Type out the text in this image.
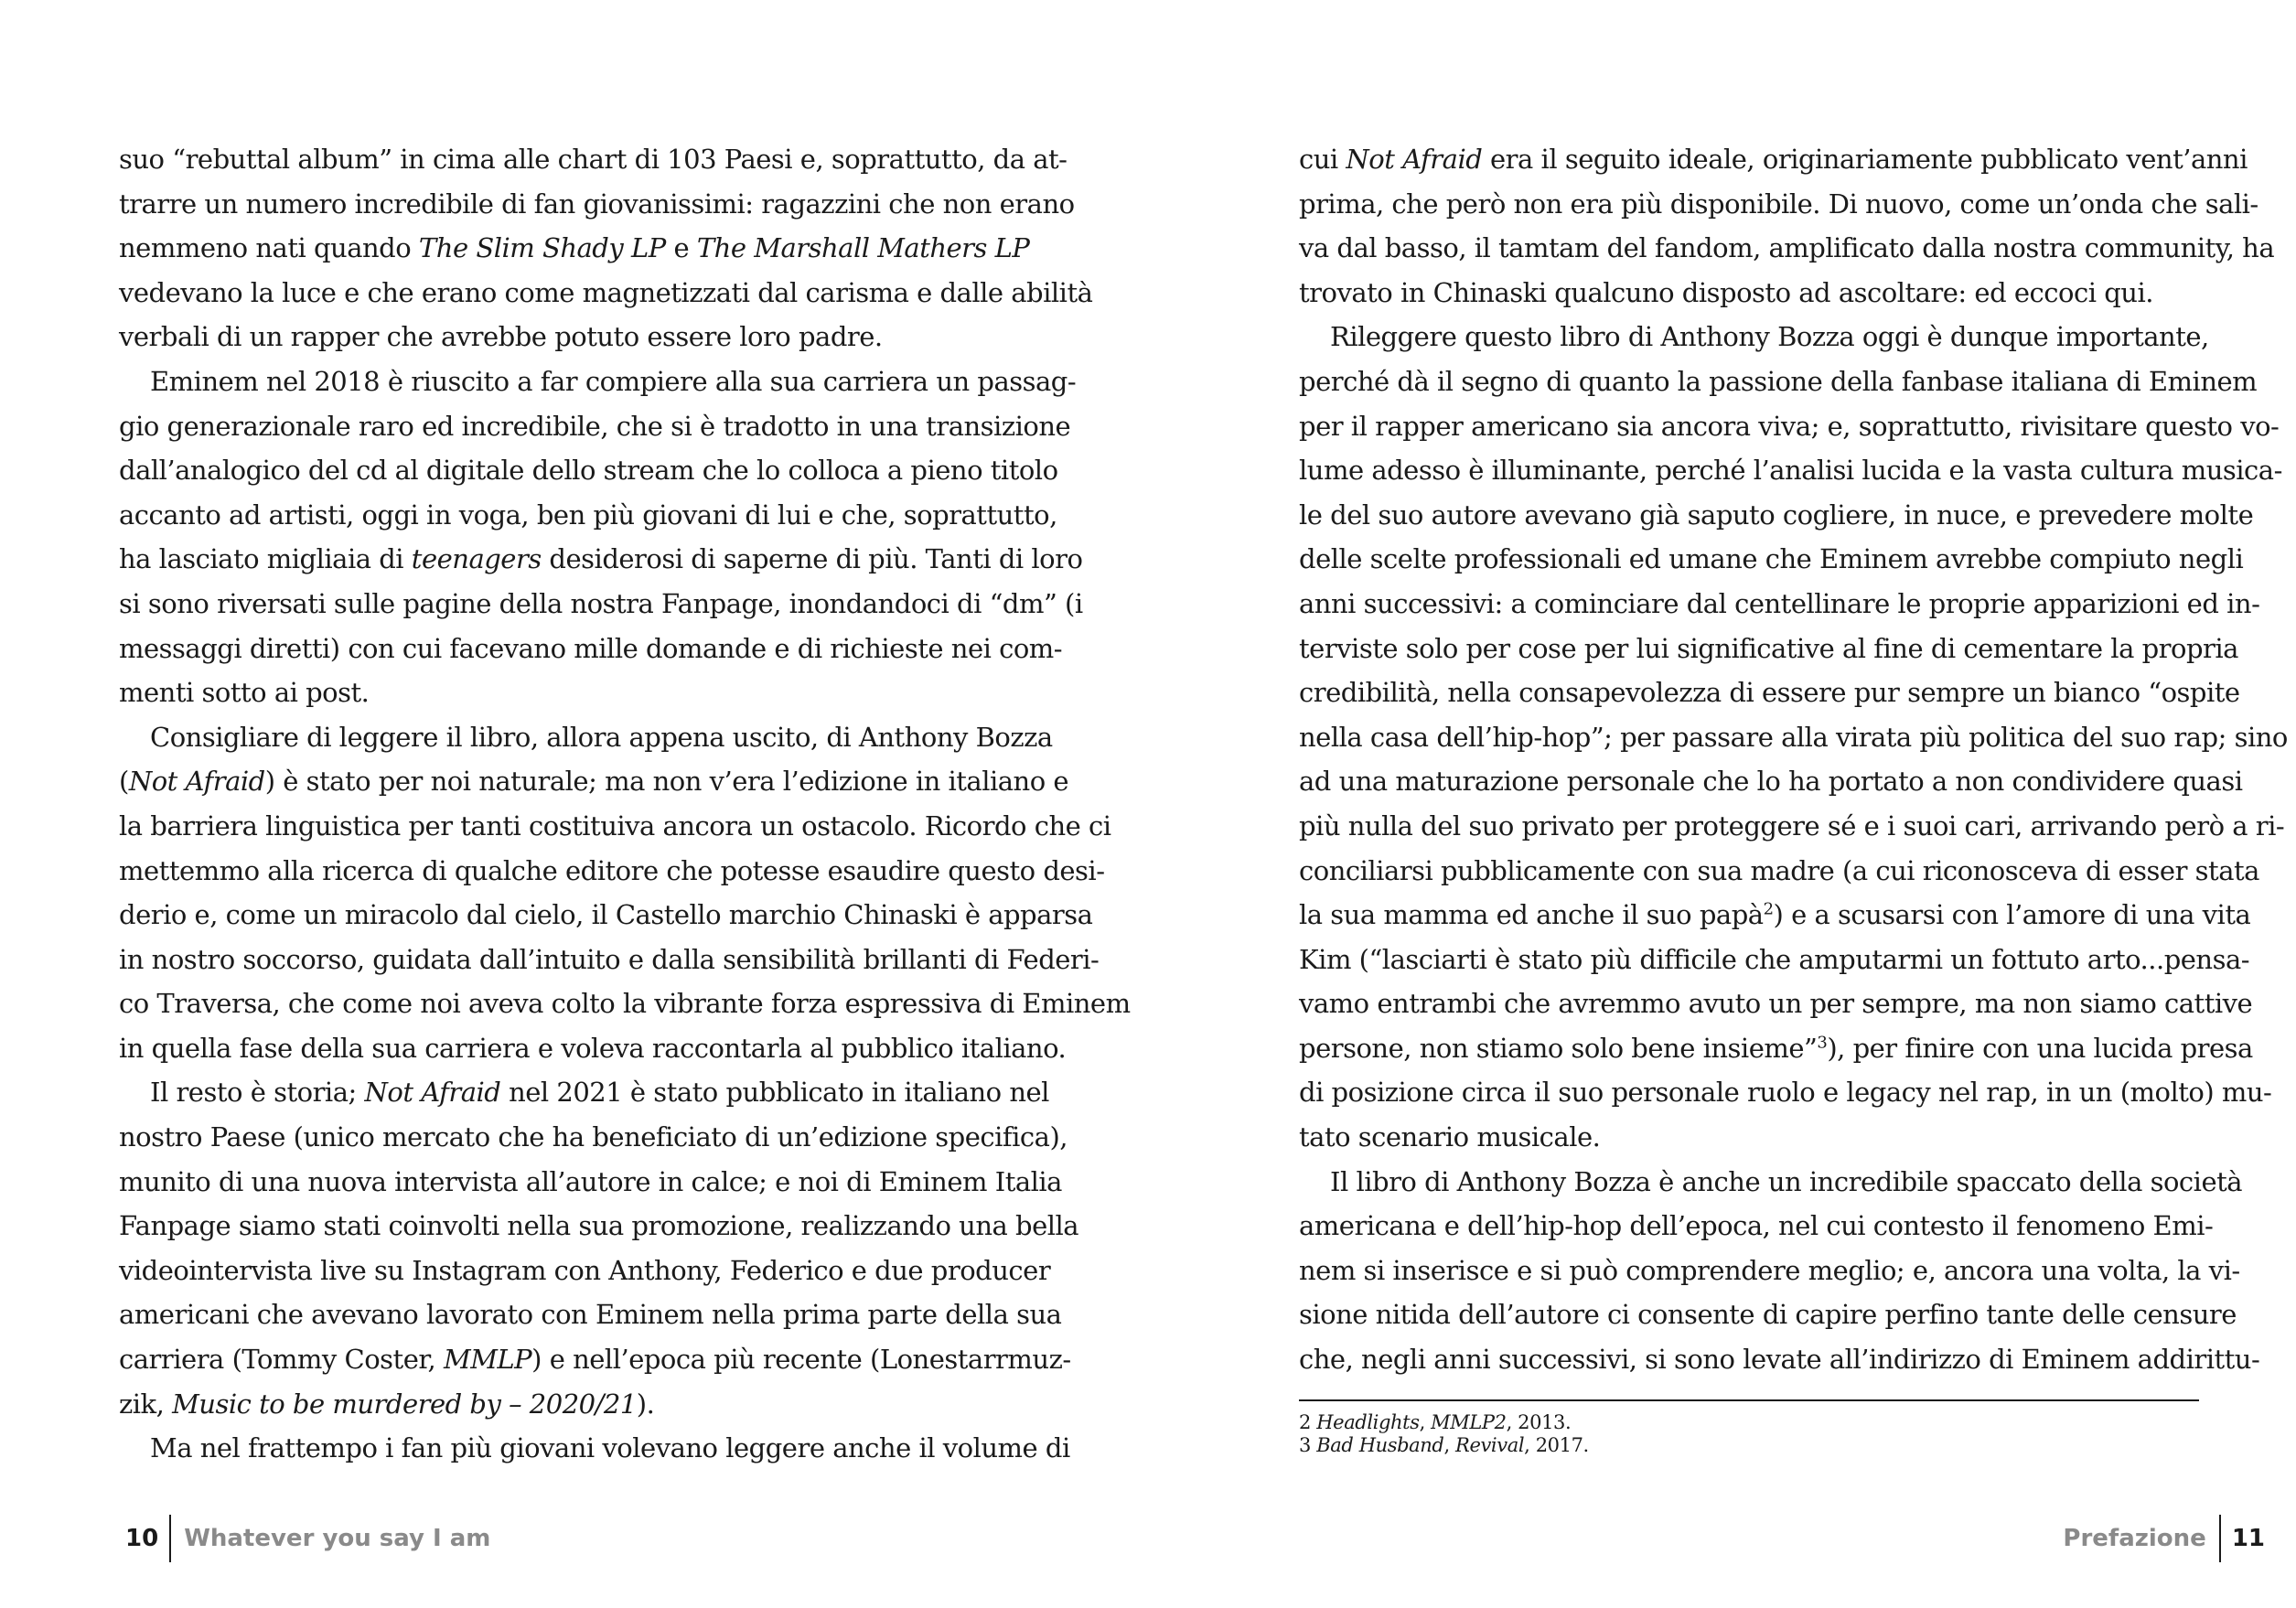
suo “rebuttal album” in cima alle chart di 103 Paesi e, soprattutto, da at-
trarre un numero incredibile di fan giovanissimi: ragazzini che non erano
nemmeno nati quando The Slim Shady LP e The Marshall Mathers LP
vedevano la luce e che erano come magnetizzati dal carisma e dalle abilità
verbali di un rapper che avrebbe potuto essere loro padre.
Eminem nel 2018 è riuscito a far compiere alla sua carriera un passag-
gio generazionale raro ed incredibile, che si è tradotto in una transizione
dall’analogico del cd al digitale dello stream che lo colloca a pieno titolo
accanto ad artisti, oggi in voga, ben più giovani di lui e che, soprattutto,
ha lasciato migliaia di teenagers desiderosi di saperne di più. Tanti di loro
si sono riversati sulle pagine della nostra Fanpage, inondandoci di “dm” (i
messaggi diretti) con cui facevano mille domande e di richieste nei com-
menti sotto ai post.
Consigliare di leggere il libro, allora appena uscito, di Anthony Bozza
(Not Afraid) è stato per noi naturale; ma non v’era l’edizione in italiano e
la barriera linguistica per tanti costituiva ancora un ostacolo. Ricordo che ci
mettemmo alla ricerca di qualche editore che potesse esaudire questo desi-
derio e, come un miracolo dal cielo, il Castello marchio Chinaski è apparsa
in nostro soccorso, guidata dall’intuito e dalla sensibilità brillanti di Federi-
co Traversa, che come noi aveva colto la vibrante forza espressiva di Eminem
in quella fase della sua carriera e voleva raccontarla al pubblico italiano.
Il resto è storia; Not Afraid nel 2021 è stato pubblicato in italiano nel
nostro Paese (unico mercato che ha beneficiato di un’edizione specifica),
munito di una nuova intervista all’autore in calce; e noi di Eminem Italia
Fanpage siamo stati coinvolti nella sua promozione, realizzando una bella
videointervista live su Instagram con Anthony, Federico e due producer
americani che avevano lavorato con Eminem nella prima parte della sua
carriera (Tommy Coster, MMLP) e nell’epoca più recente (Lonestarrmuz-
zik, Music to be murdered by – 2020/21).
Ma nel frattempo i fan più giovani volevano leggere anche il volume di
10 Whatever you say I am
cui Not Afraid era il seguito ideale, originariamente pubblicato vent’anni
prima, che però non era più disponibile. Di nuovo, come un’onda che sali-
va dal basso, il tamtam del fandom, amplificato dalla nostra community, ha
trovato in Chinaski qualcuno disposto ad ascoltare: ed eccoci qui.
Rileggere questo libro di Anthony Bozza oggi è dunque importante,
perché dà il segno di quanto la passione della fanbase italiana di Eminem
per il rapper americano sia ancora viva; e, soprattutto, rivisitare questo vo-
lume adesso è illuminante, perché l’analisi lucida e la vasta cultura musica-
le del suo autore avevano già saputo cogliere, in nuce, e prevedere molte
delle scelte professionali ed umane che Eminem avrebbe compiuto negli
anni successivi: a cominciare dal centellinare le proprie apparizioni ed in-
terviste solo per cose per lui significative al fine di cementare la propria
credibilità, nella consapevolezza di essere pur sempre un bianco “ospite
nella casa dell’hip-hop”; per passare alla virata più politica del suo rap; sino
ad una maturazione personale che lo ha portato a non condividere quasi
più nulla del suo privato per proteggere sé e i suoi cari, arrivando però a ri-
conciliarsi pubblicamente con sua madre (a cui riconosceva di esser stata
la sua mamma ed anche il suo papà$^2$) e a scusarsi con l’amore di una vita
Kim (“lasciarti è stato più difficile che amputarmi un fottuto arto...pensa-
vamo entrambi che avremmo avuto un per sempre, ma non siamo cattive
persone, non stiamo solo bene insieme”$^3$), per finire con una lucida presa
di posizione circa il suo personale ruolo e legacy nel rap, in un (molto) mu-
tato scenario musicale.
Il libro di Anthony Bozza è anche un incredibile spaccato della società
americana e dell’hip-hop dell’epoca, nel cui contesto il fenomeno Emi-
nem si inserisce e si può comprendere meglio; e, ancora una volta, la vi-
sione nitida dell’autore ci consente di capire perfino tante delle censure
che, negli anni successivi, si sono levate all’indirizzo di Eminem addirittu-
2 Headlights, MMLP2, 2013.
3 Bad Husband, Revival, 2017.
Prefazione 11
